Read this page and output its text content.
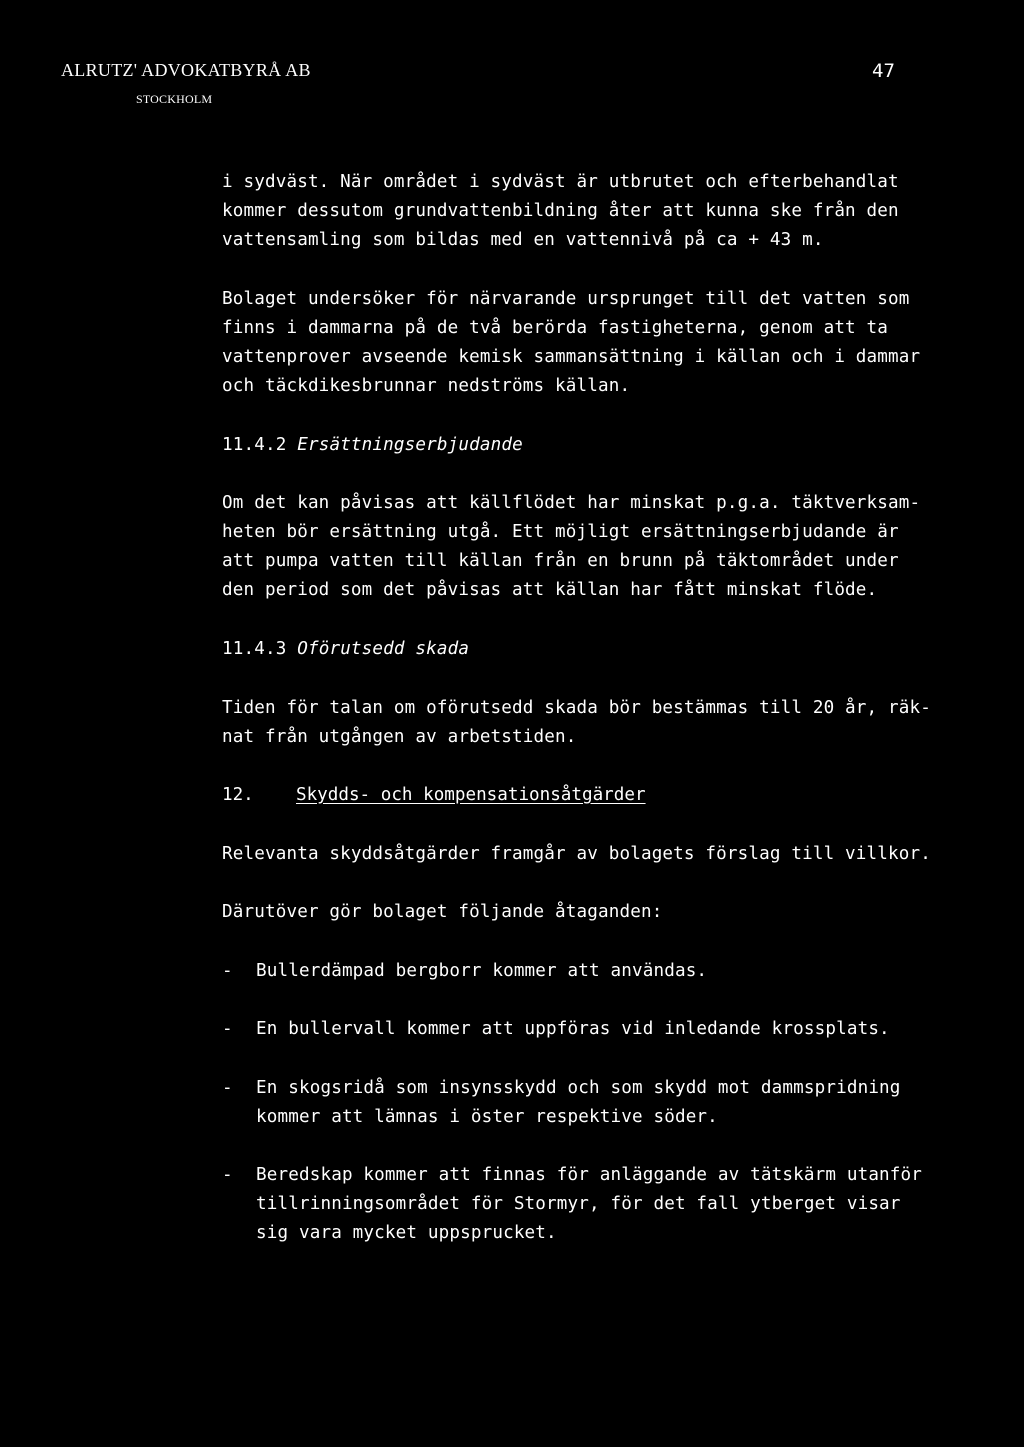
ALRUTZ' ADVOKATBYRÅ AB
STOCKHOLM
47
i sydväst. När området i sydväst är utbrutet och efterbehandlat
kommer dessutom grundvattenbildning åter att kunna ske från den
vattensamling som bildas med en vattennivå på ca + 43 m.
Bolaget undersöker för närvarande ursprunget till det vatten som
finns i dammarna på de två berörda fastigheterna, genom att ta
vattenprover avseende kemisk sammansättning i källan och i dammar
och täckdikesbrunnar nedströms källan.
11.4.2 Ersättningserbjudande
Om det kan påvisas att källflödet har minskat p.g.a. täktverksam-
heten bör ersättning utgå. Ett möjligt ersättningserbjudande är
att pumpa vatten till källan från en brunn på täktområdet under
den period som det påvisas att källan har fått minskat flöde.
11.4.3 Oförutsedd skada
Tiden för talan om oförutsedd skada bör bestämmas till 20 år, räk-
nat från utgången av arbetstiden.
12. Skydds- och kompensationsåtgärder
Relevanta skyddsåtgärder framgår av bolagets förslag till villkor.
Därutöver gör bolaget följande åtaganden:
- Bullerdämpad bergborr kommer att användas.
- En bullervall kommer att uppföras vid inledande krossplats.
- En skogsridå som insynsskydd och som skydd mot dammspridning
kommer att lämnas i öster respektive söder.
- Beredskap kommer att finnas för anläggande av tätskärm utanför
tillrinningsområdet för Stormyr, för det fall ytberget visar
sig vara mycket uppsprucket.
